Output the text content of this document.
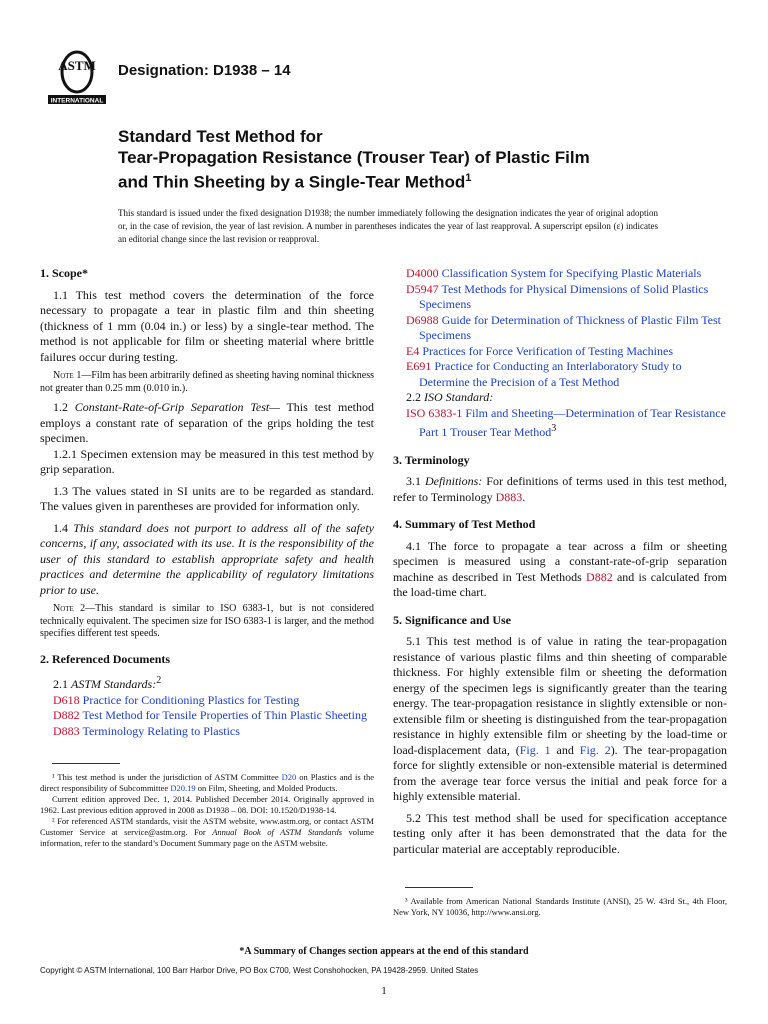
ASTM
INTERNATIONAL
Designation: D1938 – 14
Standard Test Method for
Tear-Propagation Resistance (Trouser Tear) of Plastic Film
and Thin Sheeting by a Single-Tear Method$^1$
This standard is issued under the fixed designation D1938; the number immediately following the designation indicates the year of original adoption or, in the case of revision, the year of last revision. A number in parentheses indicates the year of last reapproval. A superscript epsilon (ε) indicates an editorial change since the last revision or reapproval.
1. Scope*

1.1 This test method covers the determination of the force necessary to propagate a tear in plastic film and thin sheeting (thickness of 1 mm (0.04 in.) or less) by a single-tear method. The method is not applicable for film or sheeting material where brittle failures occur during testing.

Note 1—Film has been arbitrarily defined as sheeting having nominal thickness not greater than 0.25 mm (0.010 in.).

1.2 Constant-Rate-of-Grip Separation Test— This test method employs a constant rate of separation of the grips holding the test specimen.

1.2.1 Specimen extension may be measured in this test method by grip separation.

1.3 The values stated in SI units are to be regarded as standard. The values given in parentheses are provided for information only.

1.4 This standard does not purport to address all of the safety concerns, if any, associated with its use. It is the responsibility of the user of this standard to establish appropriate safety and health practices and determine the applicability of regulatory limitations prior to use.

Note 2—This standard is similar to ISO 6383-1, but is not considered technically equivalent. The specimen size for ISO 6383-1 is larger, and the method specifies different test speeds.

2. Referenced Documents
2.1 ASTM Standards:$^2$
D618 Practice for Conditioning Plastics for Testing
D882 Test Method for Tensile Properties of Thin Plastic Sheeting
D883 Terminology Relating to Plastics

¹ This test method is under the jurisdiction of ASTM Committee D20 on Plastics and is the direct responsibility of Subcommittee D20.19 on Film, Sheeting, and Molded Products.

Current edition approved Dec. 1, 2014. Published December 2014. Originally approved in 1962. Last previous edition approved in 2008 as D1938 – 08. DOI: 10.1520/D1938-14.

² For referenced ASTM standards, visit the ASTM website, www.astm.org, or contact ASTM Customer Service at service@astm.org. For Annual Book of ASTM Standards volume information, refer to the standard’s Document Summary page on the ASTM website.

D4000 Classification System for Specifying Plastic Materials
D5947 Test Methods for Physical Dimensions of Solid Plastics Specimens
D6988 Guide for Determination of Thickness of Plastic Film Test Specimens
E4 Practices for Force Verification of Testing Machines
E691 Practice for Conducting an Interlaboratory Study to Determine the Precision of a Test Method
2.2 ISO Standard:
ISO 6383-1 Film and Sheeting—Determination of Tear Resistance Part 1 Trouser Tear Method$^3$
3. Terminology

3.1 Definitions: For definitions of terms used in this test method, refer to Terminology D883.

4. Summary of Test Method

4.1 The force to propagate a tear across a film or sheeting specimen is measured using a constant-rate-of-grip separation machine as described in Test Methods D882 and is calculated from the load-time chart.

5. Significance and Use

5.1 This test method is of value in rating the tear-propagation resistance of various plastic films and thin sheeting of comparable thickness. For highly extensible film or sheeting the deformation energy of the specimen legs is significantly greater than the tearing energy. The tear-propagation resistance in slightly extensible or non-extensible film or sheeting is distinguished from the tear-propagation resistance in highly extensible film or sheeting by the load-time or load-displacement data, (Fig. 1 and Fig. 2). The tear-propagation force for slightly extensible or non-extensible material is determined from the average tear force versus the initial and peak force for a highly extensible material.

5.2 This test method shall be used for specification acceptance testing only after it has been demonstrated that the data for the particular material are acceptably reproducible.

³ Available from American National Standards Institute (ANSI), 25 W. 43rd St., 4th Floor, New York, NY 10036, http://www.ansi.org.

*A Summary of Changes section appears at the end of this standard
Copyright © ASTM International, 100 Barr Harbor Drive, PO Box C700, West Conshohocken, PA 19428-2959. United States
1
